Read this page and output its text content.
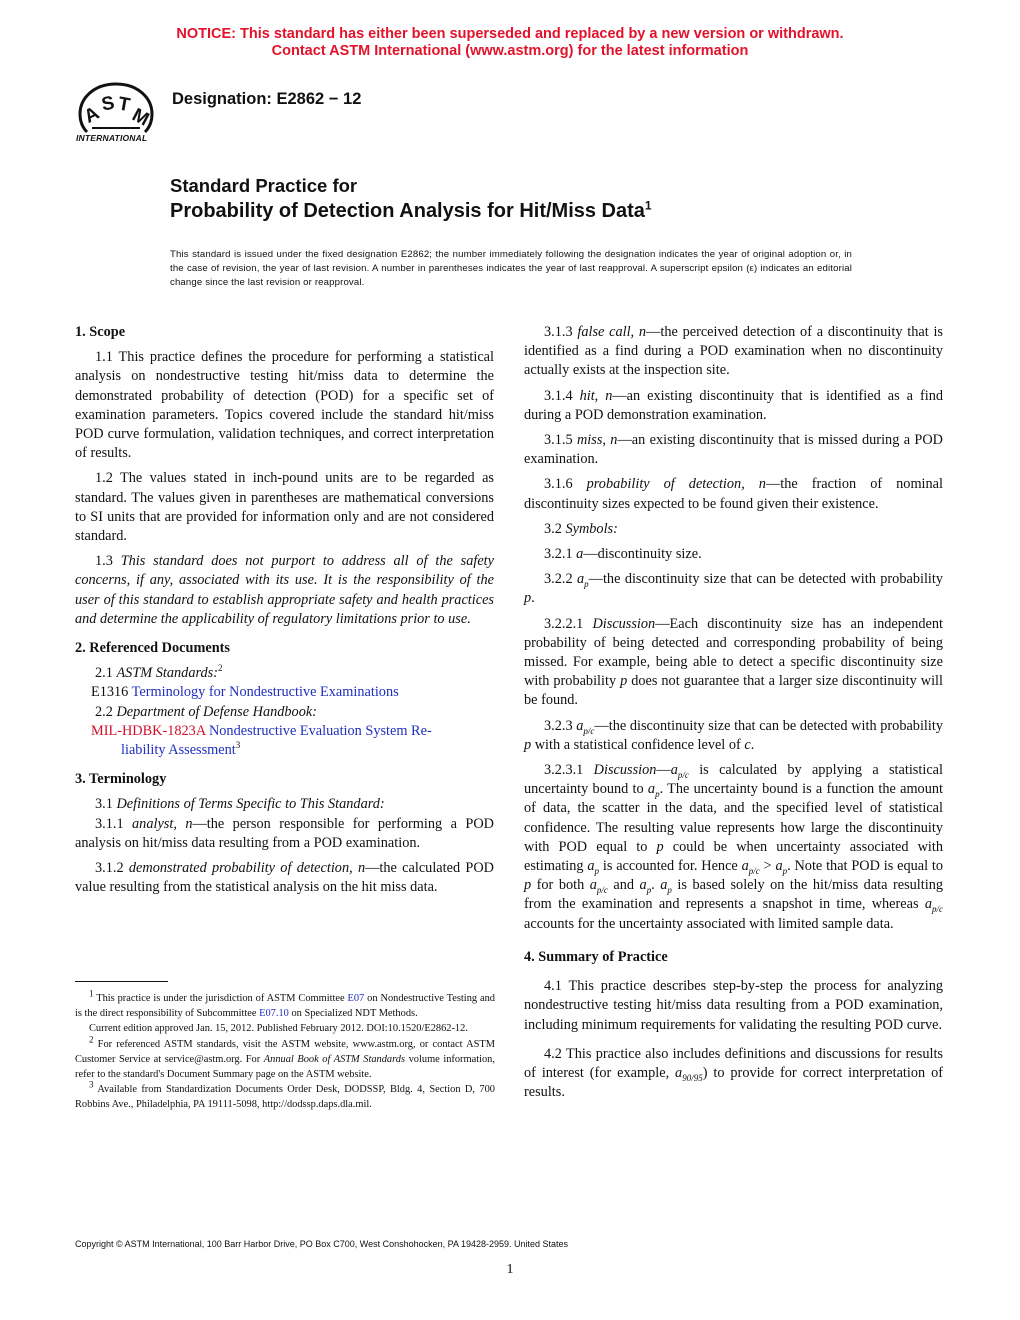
NOTICE: This standard has either been superseded and replaced by a new version or withdrawn.
Contact ASTM International (www.astm.org) for the latest information
A
S T
M
INTERNATIONAL
Designation: E2862 − 12
Standard Practice for
Probability of Detection Analysis for Hit/Miss Data$^1$
This standard is issued under the fixed designation E2862; the number immediately following the designation indicates the year of original adoption or, in the case of revision, the year of last revision. A number in parentheses indicates the year of last reapproval. A superscript epsilon (ε) indicates an editorial change since the last revision or reapproval.
1. Scope

1.1 This practice defines the procedure for performing a statistical analysis on nondestructive testing hit/miss data to determine the demonstrated probability of detection (POD) for a specific set of examination parameters. Topics covered include the standard hit/miss POD curve formulation, validation techniques, and correct interpretation of results.

1.2 The values stated in inch-pound units are to be regarded as standard. The values given in parentheses are mathematical conversions to SI units that are provided for information only and are not considered standard.

1.3 This standard does not purport to address all of the safety concerns, if any, associated with its use. It is the responsibility of the user of this standard to establish appropriate safety and health practices and determine the applicability of regulatory limitations prior to use.

2. Referenced Documents

2.1 ASTM Standards:$^2$

E1316 Terminology for Nondestructive Examinations

2.2 Department of Defense Handbook:

MIL-HDBK-1823A Nondestructive Evaluation System Re-

liability Assessment$^3$

3. Terminology

3.1 Definitions of Terms Specific to This Standard:

3.1.1 analyst, n—the person responsible for performing a POD analysis on hit/miss data resulting from a POD examination.

3.1.2 demonstrated probability of detection, n—the calculated POD value resulting from the statistical analysis on the hit miss data.

3.1.3 false call, n—the perceived detection of a discontinuity that is identified as a find during a POD examination when no discontinuity actually exists at the inspection site.

3.1.4 hit, n—an existing discontinuity that is identified as a find during a POD demonstration examination.

3.1.5 miss, n—an existing discontinuity that is missed during a POD examination.

3.1.6 probability of detection, n—the fraction of nominal discontinuity sizes expected to be found given their existence.

3.2 Symbols:

3.2.1 a—discontinuity size.

3.2.2 $a_p—the$ discontinuity size that can be detected with probability p.

3.2.2.1 Discussion—Each discontinuity size has an independent probability of being detected and corresponding probability of being missed. For example, being able to detect a specific discontinuity size with probability p does not guarantee that a larger size discontinuity will be found.

3.2.3 $a_{p/c}—the$ discontinuity size that can be detected with probability p with a statistical confidence level of c.

3.2.3.1 $Discussion—a_{p/c}$ is calculated by applying a statistical uncertainty bound to $a_p$. The uncertainty bound is a function the amount of data, the scatter in the data, and the specified level of statistical confidence. The resulting value represents how large the discontinuity with POD equal to p could be when uncertainty associated with estimating $a_p$ is accounted for. Hence $a_{p/c} > a_p$. Note that POD is equal to p for both $a_{p/c}$ and $a_p$. $a_p$ is based solely on the hit/miss data resulting from the examination and represents a snapshot in time, whereas $a_{p/c}$ accounts for the uncertainty associated with limited sample data.

4. Summary of Practice

4.1 This practice describes step-by-step the process for analyzing nondestructive testing hit/miss data resulting from a POD examination, including minimum requirements for validating the resulting POD curve.

4.2 This practice also includes definitions and discussions for results of interest (for example, $a_{90/95}$) to provide for correct interpretation of results.

$^1$ This practice is under the jurisdiction of ASTM Committee E07 on Nondestructive Testing and is the direct responsibility of Subcommittee E07.10 on Specialized NDT Methods.

Current edition approved Jan. 15, 2012. Published February 2012. DOI:10.1520/E2862-12.

$^2$ For referenced ASTM standards, visit the ASTM website, www.astm.org, or contact ASTM Customer Service at service@astm.org. For Annual Book of ASTM Standards volume information, refer to the standard's Document Summary page on the ASTM website.

$^3$ Available from Standardization Documents Order Desk, DODSSP, Bldg. 4, Section D, 700 Robbins Ave., Philadelphia, PA 19111-5098, http://dodssp.daps.dla.mil.

Copyright © ASTM International, 100 Barr Harbor Drive, PO Box C700, West Conshohocken, PA 19428-2959. United States
1
